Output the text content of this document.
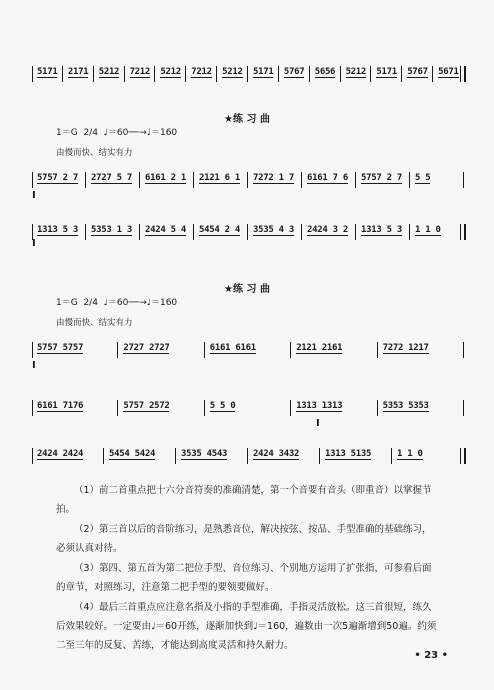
5171 2171 5212 7212 5212 7212 5212 5171 5767 5656 5212 5171 5767 5671
★练 习 曲
1＝G 2/4 ♩＝60──→♩＝160
由慢而快、结实有力
5757 2 7 2727 5 7 6161 2 1 2121 6 1 7272 1 7 6161 7 6 5757 2 7 5 5
I
1313 5 3 5353 1 3 2424 5 4 5454 2 4 3535 4 3 2424 3 2 1313 5 3 1 1 0
I
★练 习 曲
1＝G 2/4 ♩＝60──→♩＝160
由慢而快、结实有力
5757 5757	2727 2727	6161 6161	2121 2161	7272 1217
I
6161 7176	5757 2572	5 5 0	1313 1313	5353 5353
I
2424 2424	5454 5424	3535 4543	2424 3432	1313 5135	1 1 0
（1）前二首重点把十六分音符奏的准确清楚，第一个音要有音头（即重音）以掌握节拍。
（2）第三首以后的音阶练习，是熟悉音位，解决按弦、按品、手型准确的基础练习，必须认真对待。
（3）第四、第五首为第二把位手型、音位练习、个别地方运用了扩张指，可参看后面的章节，对照练习，注意第二把手型的要领要做好。
（4）最后三首重点应注意名指及小指的手型准确，手指灵活放松。这三首很短，练久后效果较好。一定要由♩＝60开练，逐渐加快到♩＝160，遍数由一次5遍渐增到50遍。约须二至三年的反复、苦练，才能达到高度灵活和持久耐力。
• 23 •
